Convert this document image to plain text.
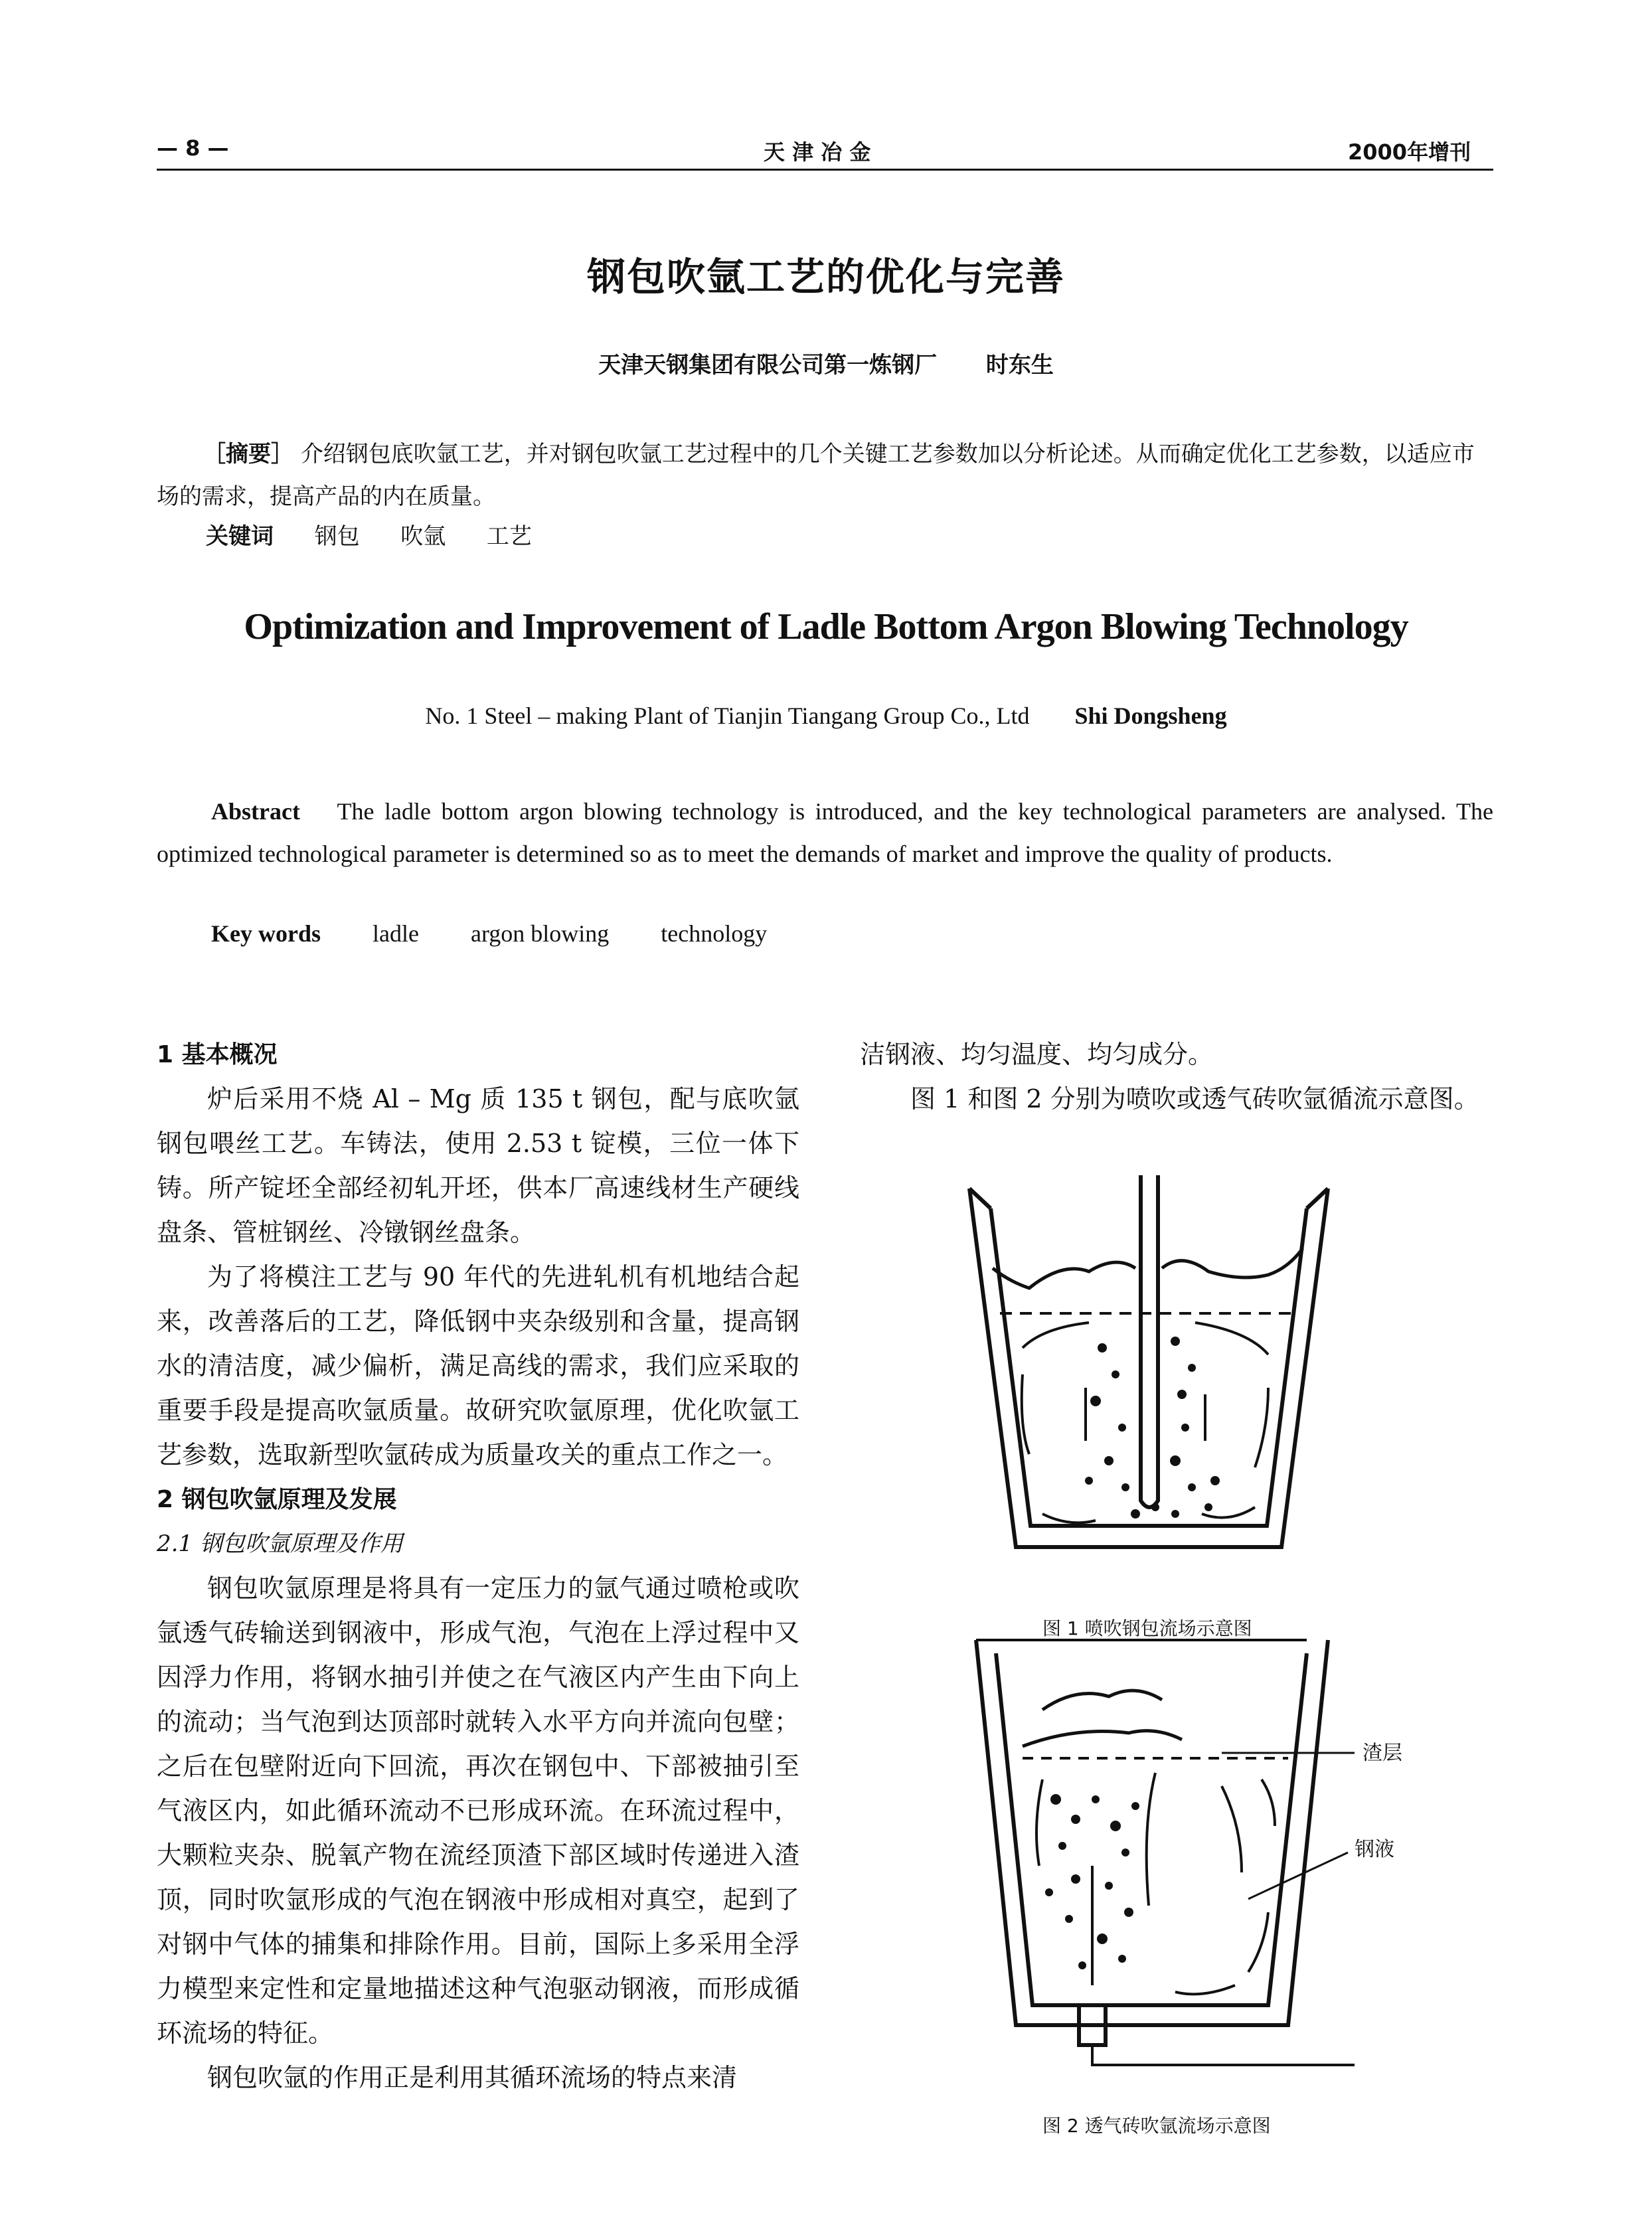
— 8 —	天 津 冶 金	2000年增刊
钢包吹氩工艺的优化与完善
天津天钢集团有限公司第一炼钢厂 时东生
［摘要］ 介绍钢包底吹氩工艺，并对钢包吹氩工艺过程中的几个关键工艺参数加以分析论述。从而确定优化工艺参数，以适应市场的需求，提高产品的内在质量。
关键词 钢包 吹氩 工艺
Optimization and Improvement of Ladle Bottom Argon Blowing Technology
No. 1 Steel – making Plant of Tianjin Tiangang Group Co., Ltd Shi Dongsheng
Abstract The ladle bottom argon blowing technology is introduced, and the key technological parameters are analysed. The optimized technological parameter is determined so as to meet the demands of market and improve the quality of products.
Key words ladle argon blowing technology
1 基本概况

炉后采用不烧 Al – Mg 质 135 t 钢包，配与底吹氩钢包喂丝工艺。车铸法，使用 2.53 t 锭模，三位一体下铸。所产锭坯全部经初轧开坯，供本厂高速线材生产硬线盘条、管桩钢丝、冷镦钢丝盘条。

为了将模注工艺与 90 年代的先进轧机有机地结合起来，改善落后的工艺，降低钢中夹杂级别和含量，提高钢水的清洁度，减少偏析，满足高线的需求，我们应采取的重要手段是提高吹氩质量。故研究吹氩原理，优化吹氩工艺参数，选取新型吹氩砖成为质量攻关的重点工作之一。

2 钢包吹氩原理及发展
2.1 钢包吹氩原理及作用

钢包吹氩原理是将具有一定压力的氩气通过喷枪或吹氩透气砖输送到钢液中，形成气泡，气泡在上浮过程中又因浮力作用，将钢水抽引并使之在气液区内产生由下向上的流动；当气泡到达顶部时就转入水平方向并流向包壁；之后在包壁附近向下回流，再次在钢包中、下部被抽引至气液区内，如此循环流动不已形成环流。在环流过程中，大颗粒夹杂、脱氧产物在流经顶渣下部区域时传递进入渣顶，同时吹氩形成的气泡在钢液中形成相对真空，起到了对钢中气体的捕集和排除作用。目前，国际上多采用全浮力模型来定性和定量地描述这种气泡驱动钢液，而形成循环流场的特征。

钢包吹氩的作用正是利用其循环流场的特点来清

洁钢液、均匀温度、均匀成分。

图 1 和图 2 分别为喷吹或透气砖吹氩循流示意图。

图 1 喷吹钢包流场示意图
渣层
钢液
图 2 透气砖吹氩流场示意图
